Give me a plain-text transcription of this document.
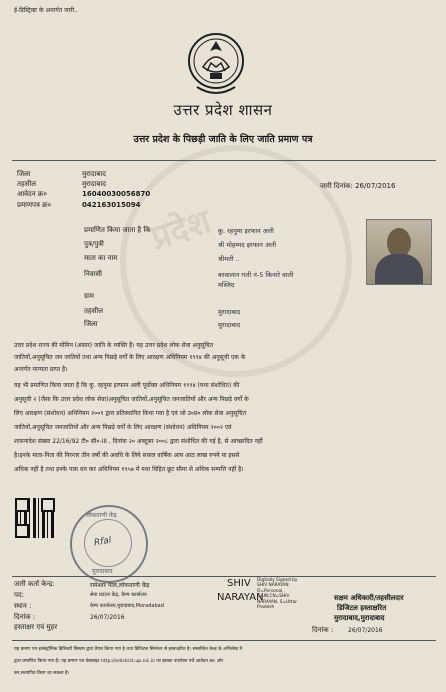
ई-डिस्ट्रिक्ट के अन्तर्गत जारी..
प्रदेश
उत्तर प्रदेश शासन
उत्तर प्रदेश के पिछड़ी जाति के लिए जाति प्रमाण पत्र
जिला	मुरादाबाद
तहसील	मुरादाबाद
आवेदन क्र०	16040030056870
प्रमाणपत्र क्र०	042163015094
जारी दिनांक: 26/07/2016
प्रमाणित किया जाता है कि	कु. रहनुमा इरफान अली
पुत्र/पुत्री	श्री मोहम्मद इरफान अली
माता का नाम	श्रीमती ..
निवासी	बरवालान गली नं-5 किनारे वाली
मस्जिद
ग्राम
तहसील	मुरादाबाद
जिला	मुरादाबाद
उत्तर प्रदेश राज्य की मोमिन (अंसार) जाति के व्यक्ति हैं। यह उत्तर प्रदेश लोक सेवा अनुसूचित
जातियों,अनुसूचित जन जातियों तथा अन्य पिछड़े वर्गों के लिए आरक्षण अधिनियम १९९४ की अनुसूची एक के
अन्तर्गत मान्यता प्राप्त है।
यह भी प्रमाणित किया जाता है कि कु. रहनुमा इरफान अली पूर्वोक्त अधिनियम १९९४ (यथा संशोधित) की
अनुसूची २ (जैसा कि उत्तर प्रदेश लोक सेवा)अनुसूचित जातियों,अनुसूचित जनजातियों और अन्य पिछड़े वर्गों के
लिए आरक्षण (संशोधन) अधिनियम २००१ द्वारा प्रतिस्थापित किया गया है एवं जो उ०प्र० लोक सेवा अनुसूचित
जातियों,अनुसूचित जनजातियों और अन्य पिछड़े वर्गों के लिए आरक्षण (संशोधन) अधिनियम २००२ एवं
शासनादेश संख्या 22/16/92 टी० सी०-III , दिनांक २० अक्टूबर २००८ द्वारा संशोधित की गई है, से आच्छादित नहीं
है।इनके माता-पिता की निरन्तर तीन वर्षों की अवधि के लिये सकल वार्षिक आय आठ लाख रुपये या इससे
अधिक नहीं है तथा इनके पास धन कर अधिनियम १९५७ में यथा विहित छूट सीमा से अधिक सम्पत्ति नहीं है।
लोकवाणी केंद्र
Rfal
मुरादाबाद
जारी कर्ता केन्द्र:	रामेश्वर पाल,लोकवाणी केंद्र
पद:	सेवा प्रदाता केंद्र, कैम्प कार्यालय
स्थान :	केम्प कार्यालय,मुरादाबाद,Moradabad
दिनांक :	26/07/2016
हस्ताक्षर एवं मुहर
SHIV
NARAYAN
Digitally Signed by
SHIV NARAYAN
O=Personal,
C=IN,CN=SHIV
NARAYAN, S=Uttar
Pradesh
सक्षम अधिकारी/तहसीलदार
डिजिटल हस्ताक्षरित
मुरादाबाद,मुरादाबाद
दिनांक : 26/07/2016
यह प्रमाण पत्र इलेक्ट्रॉनिक डिलिवरी सिस्टम द्वारा तैयार किया गया है तथा डिजिटल सिग्नेचर से हस्ताक्षरित है। सम्बन्धित केन्द्र के अभिलेख में
द्वारा प्रमाणित किया गया है। यह प्रमाण पत्र वेबसाइट http://edistrict.up.nic.in पर इसका उपरोक्त पर्चे आवेदन क्र० ओर
कर,सत्यापित किया जा सकता है।
